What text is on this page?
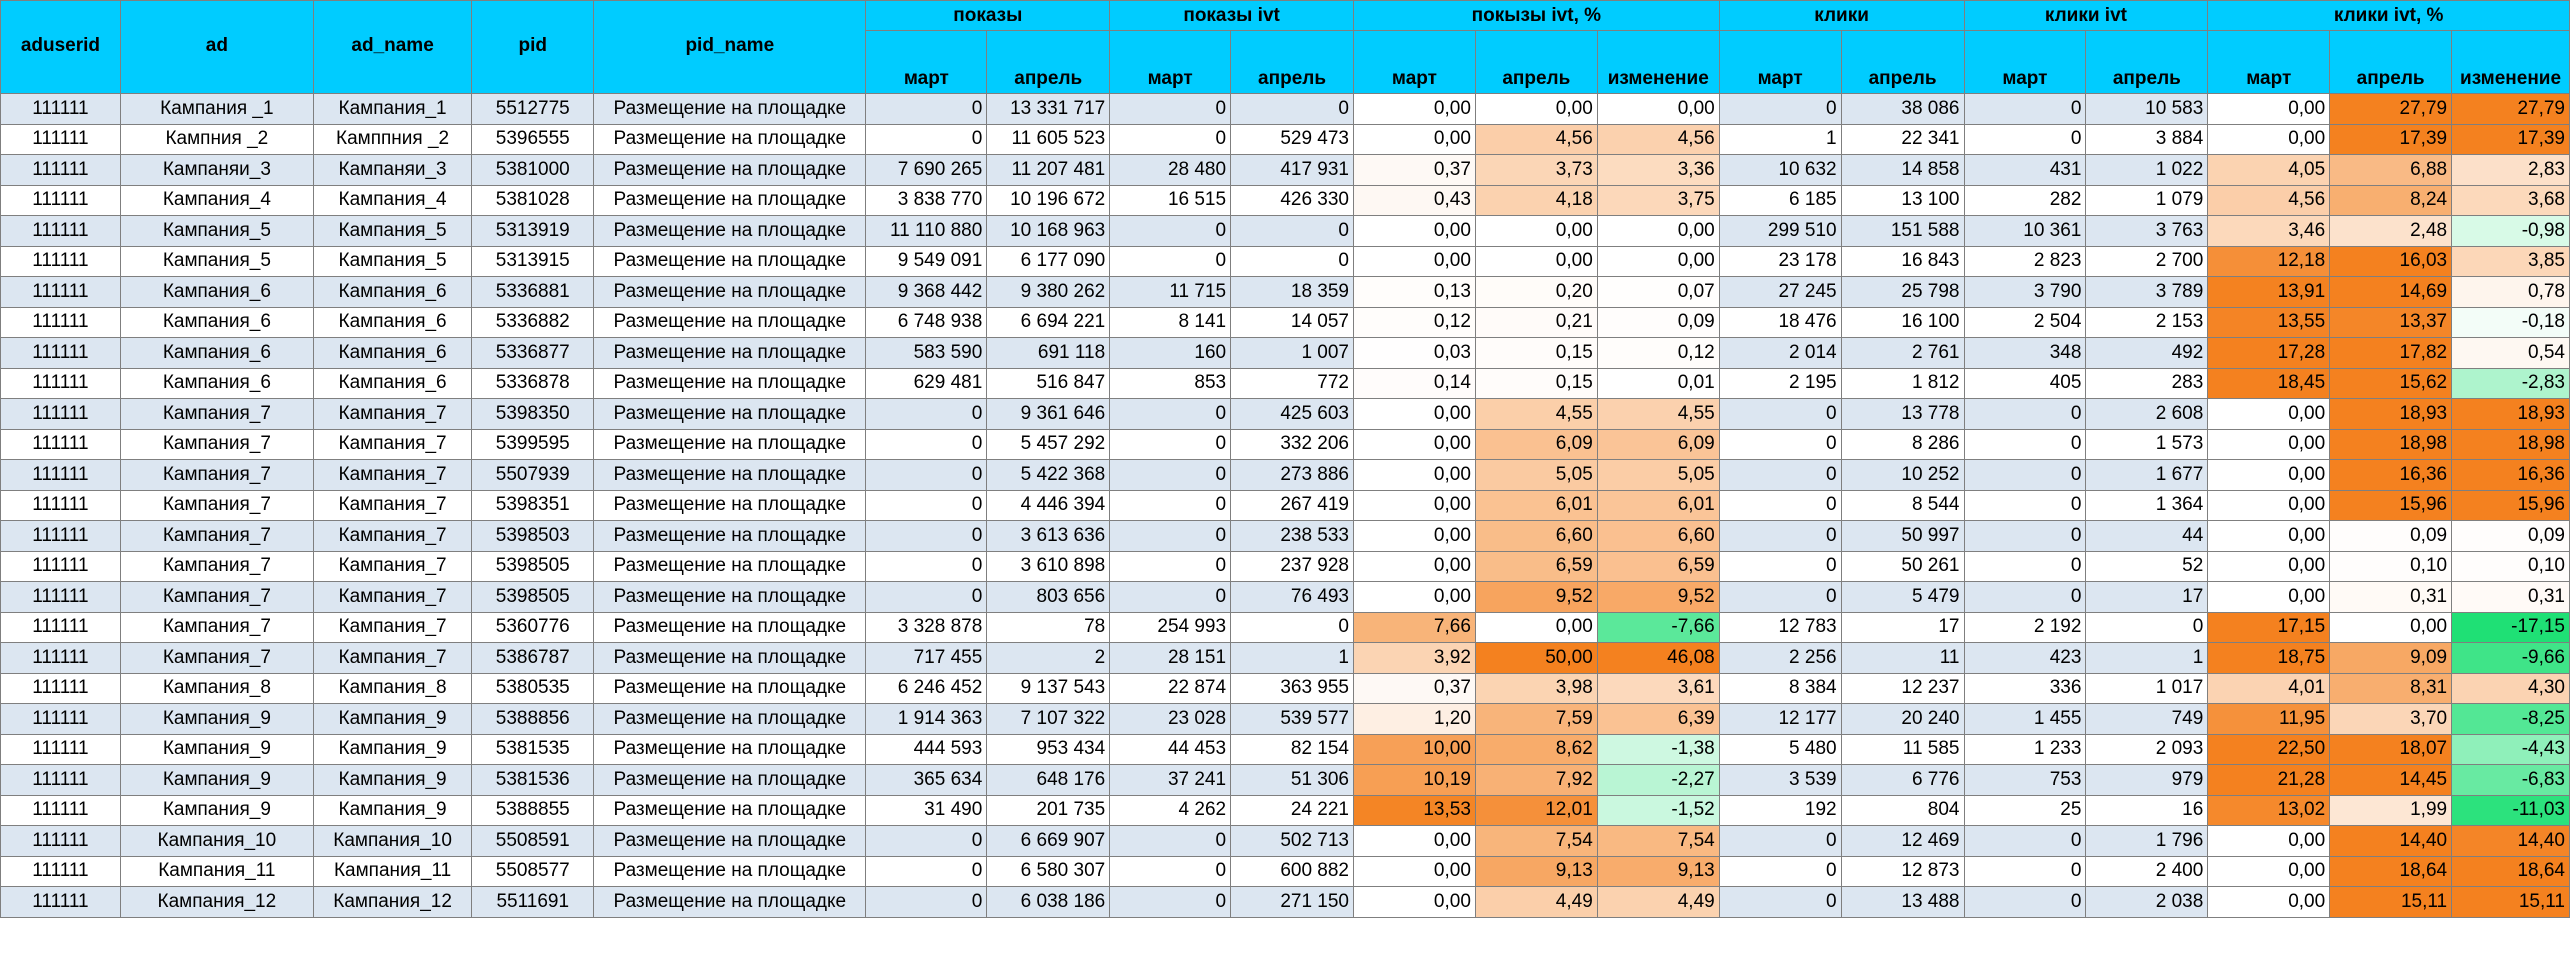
aduserid	ad	ad_name	pid	pid_name	показы		показы ivt		покызы ivt, %			клики		клики ivt		клики ivt, %		
					март	апрель	март	апрель	март	апрель	изменение	март	апрель	март	апрель	март	апрель	изменение
111111	Кампания _1	Кампания_1	5512775	Размещение на площадке	0	13 331 717	0	0	0,00	0,00	0,00	0	38 086	0	10 583	0,00	27,79	27,79
111111	Кампния _2	Камппния _2	5396555	Размещение на площадке	0	11 605 523	0	529 473	0,00	4,56	4,56	1	22 341	0	3 884	0,00	17,39	17,39
111111	Кампаняи_3	Кампаняи_3	5381000	Размещение на площадке	7 690 265	11 207 481	28 480	417 931	0,37	3,73	3,36	10 632	14 858	431	1 022	4,05	6,88	2,83
111111	Кампания_4	Кампания_4	5381028	Размещение на площадке	3 838 770	10 196 672	16 515	426 330	0,43	4,18	3,75	6 185	13 100	282	1 079	4,56	8,24	3,68
111111	Кампания_5	Кампания_5	5313919	Размещение на площадке	11 110 880	10 168 963	0	0	0,00	0,00	0,00	299 510	151 588	10 361	3 763	3,46	2,48	-0,98
111111	Кампания_5	Кампания_5	5313915	Размещение на площадке	9 549 091	6 177 090	0	0	0,00	0,00	0,00	23 178	16 843	2 823	2 700	12,18	16,03	3,85
111111	Кампания_6	Кампания_6	5336881	Размещение на площадке	9 368 442	9 380 262	11 715	18 359	0,13	0,20	0,07	27 245	25 798	3 790	3 789	13,91	14,69	0,78
111111	Кампания_6	Кампания_6	5336882	Размещение на площадке	6 748 938	6 694 221	8 141	14 057	0,12	0,21	0,09	18 476	16 100	2 504	2 153	13,55	13,37	-0,18
111111	Кампания_6	Кампания_6	5336877	Размещение на площадке	583 590	691 118	160	1 007	0,03	0,15	0,12	2 014	2 761	348	492	17,28	17,82	0,54
111111	Кампания_6	Кампания_6	5336878	Размещение на площадке	629 481	516 847	853	772	0,14	0,15	0,01	2 195	1 812	405	283	18,45	15,62	-2,83
111111	Кампания_7	Кампания_7	5398350	Размещение на площадке	0	9 361 646	0	425 603	0,00	4,55	4,55	0	13 778	0	2 608	0,00	18,93	18,93
111111	Кампания_7	Кампания_7	5399595	Размещение на площадке	0	5 457 292	0	332 206	0,00	6,09	6,09	0	8 286	0	1 573	0,00	18,98	18,98
111111	Кампания_7	Кампания_7	5507939	Размещение на площадке	0	5 422 368	0	273 886	0,00	5,05	5,05	0	10 252	0	1 677	0,00	16,36	16,36
111111	Кампания_7	Кампания_7	5398351	Размещение на площадке	0	4 446 394	0	267 419	0,00	6,01	6,01	0	8 544	0	1 364	0,00	15,96	15,96
111111	Кампания_7	Кампания_7	5398503	Размещение на площадке	0	3 613 636	0	238 533	0,00	6,60	6,60	0	50 997	0	44	0,00	0,09	0,09
111111	Кампания_7	Кампания_7	5398505	Размещение на площадке	0	3 610 898	0	237 928	0,00	6,59	6,59	0	50 261	0	52	0,00	0,10	0,10
111111	Кампания_7	Кампания_7	5398505	Размещение на площадке	0	803 656	0	76 493	0,00	9,52	9,52	0	5 479	0	17	0,00	0,31	0,31
111111	Кампания_7	Кампания_7	5360776	Размещение на площадке	3 328 878	78	254 993	0	7,66	0,00	-7,66	12 783	17	2 192	0	17,15	0,00	-17,15
111111	Кампания_7	Кампания_7	5386787	Размещение на площадке	717 455	2	28 151	1	3,92	50,00	46,08	2 256	11	423	1	18,75	9,09	-9,66
111111	Кампания_8	Кампания_8	5380535	Размещение на площадке	6 246 452	9 137 543	22 874	363 955	0,37	3,98	3,61	8 384	12 237	336	1 017	4,01	8,31	4,30
111111	Кампания_9	Кампания_9	5388856	Размещение на площадке	1 914 363	7 107 322	23 028	539 577	1,20	7,59	6,39	12 177	20 240	1 455	749	11,95	3,70	-8,25
111111	Кампания_9	Кампания_9	5381535	Размещение на площадке	444 593	953 434	44 453	82 154	10,00	8,62	-1,38	5 480	11 585	1 233	2 093	22,50	18,07	-4,43
111111	Кампания_9	Кампания_9	5381536	Размещение на площадке	365 634	648 176	37 241	51 306	10,19	7,92	-2,27	3 539	6 776	753	979	21,28	14,45	-6,83
111111	Кампания_9	Кампания_9	5388855	Размещение на площадке	31 490	201 735	4 262	24 221	13,53	12,01	-1,52	192	804	25	16	13,02	1,99	-11,03
111111	Кампания_10	Кампания_10	5508591	Размещение на площадке	0	6 669 907	0	502 713	0,00	7,54	7,54	0	12 469	0	1 796	0,00	14,40	14,40
111111	Кампания_11	Кампания_11	5508577	Размещение на площадке	0	6 580 307	0	600 882	0,00	9,13	9,13	0	12 873	0	2 400	0,00	18,64	18,64
111111	Кампания_12	Кампания_12	5511691	Размещение на площадке	0	6 038 186	0	271 150	0,00	4,49	4,49	0	13 488	0	2 038	0,00	15,11	15,11
